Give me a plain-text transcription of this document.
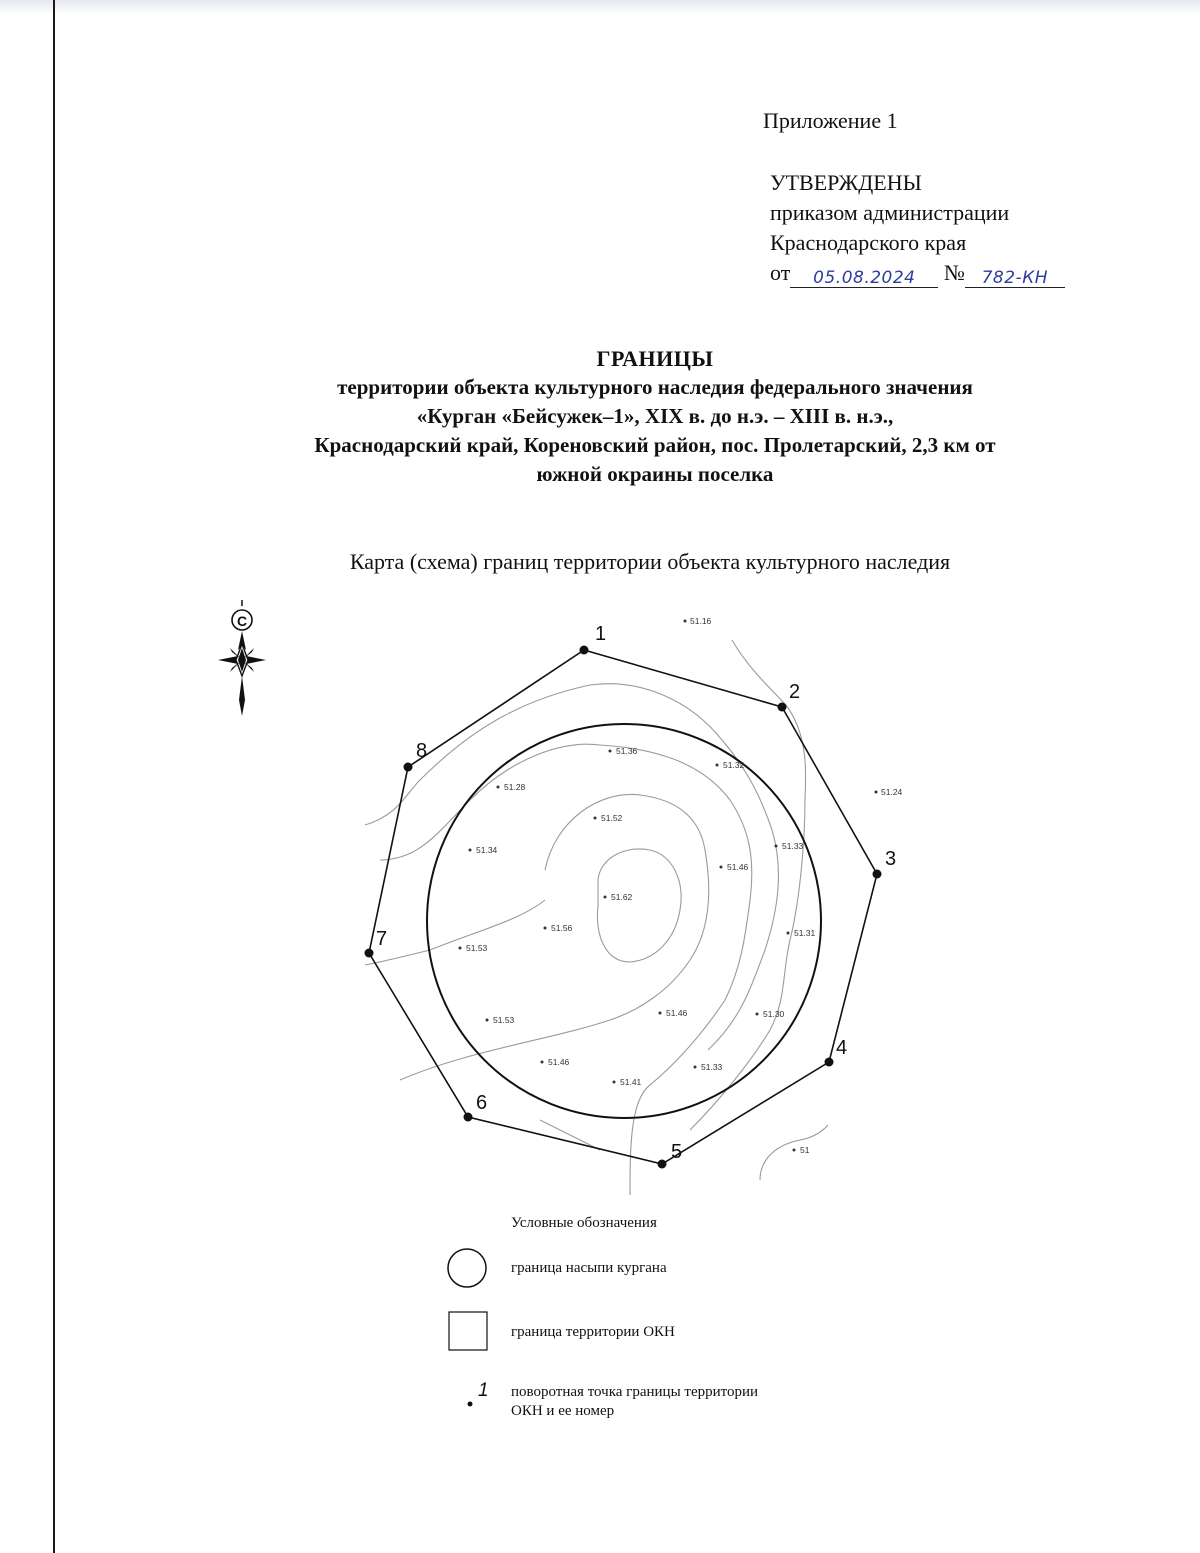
Приложение 1
УТВЕРЖДЕНЫ
приказом администрации
Краснодарского края
от 05.08.2024 № 782-КН
ГРАНИЦЫ
территории объекта культурного наследия федерального значения
«Курган «Бейсужек–1», XIX в. до н.э. – XIII в. н.э.,
Краснодарский край, Кореновский район, пос. Пролетарский, 2,3 км от
южной окраины поселка
Карта (схема) границ территории объекта культурного наследия
1
2
3
4
5
6
7
8
51.16
51.24
51.36
51.32
51.28
51.52
51.33
51.34
51.46
51.62
51.56	51.31
51.53
51.53
51.46	51.30
51.46	51.33
51.41
51
С
1
Условные обозначения
граница насыпи кургана
граница территории ОКН
поворотная точка границы территории
ОКН и ее номер
